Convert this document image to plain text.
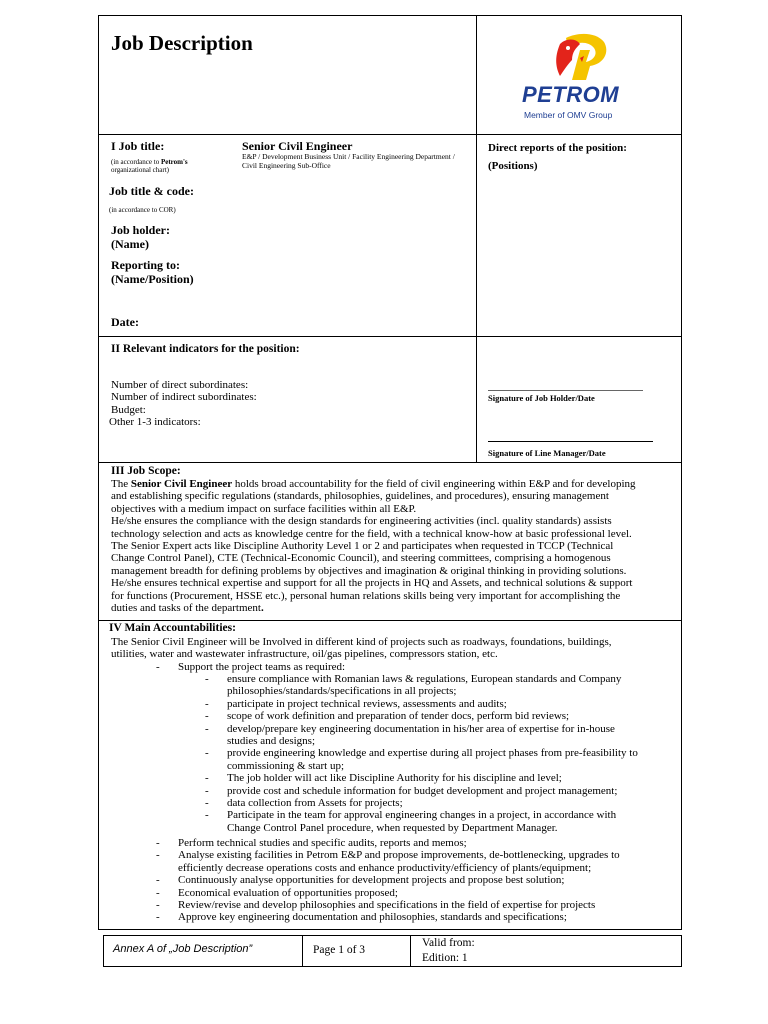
Job Description
PETROM
Member of OMV Group
I Job title:
(in accordance to Petrom's
organizational chart)
Senior Civil Engineer
E&P / Development Business Unit / Facility Engineering Department / Civil Engineering Sub-Office
Job title & code:
(in accordance to COR)
Job holder:
(Name)
Reporting to:
(Name/Position)
Date:
Direct reports of the position:
(Positions)
II Relevant indicators for the position:
Number of direct subordinates:
Number of indirect subordinates:
Budget:
Other 1-3 indicators:
Signature of Job Holder/Date
Signature of Line Manager/Date
III Job Scope:
The Senior Civil Engineer holds broad accountability for the field of civil engineering within E&P and for developing
and establishing specific regulations (standards, philosophies, guidelines, and procedures), ensuring management
objectives with a medium impact on surface facilities within all E&P.
He/she ensures the compliance with the design standards for engineering activities (incl. quality standards) assists
technology selection and acts as knowledge centre for the field, with a technical know-how at basic professional level.
The Senior Expert acts like Discipline Authority Level 1 or 2 and participates when requested in TCCP (Technical
Change Control Panel), CTE (Technical-Economic Council), and steering committees, comprising a homogenous
management breadth for defining problems by objectives and imagination & original thinking in providing solutions.
He/she ensures technical expertise and support for all the projects in HQ and Assets, and technical solutions & support
for functions (Procurement, HSSE etc.), personal human relations skills being very important for accomplishing the
duties and tasks of the department.
IV Main Accountabilities:
The Senior Civil Engineer will be Involved in different kind of projects such as roadways, foundations, buildings,
utilities, water and wastewater infrastructure, oil/gas pipelines, compressors station, etc.
- Support the project teams as required:
- ensure compliance with Romanian laws & regulations, European standards and Company
philosophies/standards/specifications in all projects;
- participate in project technical reviews, assessments and audits;
- scope of work definition and preparation of tender docs, perform bid reviews;
- develop/prepare key engineering documentation in his/her area of expertise for in-house
studies and designs;
- provide engineering knowledge and expertise during all project phases from pre-feasibility to
commissioning & start up;
- The job holder will act like Discipline Authority for his discipline and level;
- provide cost and schedule information for budget development and project management;
- data collection from Assets for projects;
- Participate in the team for approval engineering changes in a project, in accordance with
Change Control Panel procedure, when requested by Department Manager.
- Perform technical studies and specific audits, reports and memos;
- Analyse existing facilities in Petrom E&P and propose improvements, de-bottlenecking, upgrades to
efficiently decrease operations costs and enhance productivity/efficiency of plants/equipment;
- Continuously analyse opportunities for development projects and propose best solution;
- Economical evaluation of opportunities proposed;
- Review/revise and develop philosophies and specifications in the field of expertise for projects
- Approve key engineering documentation and philosophies, standards and specifications;
Annex A of „Job Description”	Page 1 of 3
Valid from:
Edition: 1
